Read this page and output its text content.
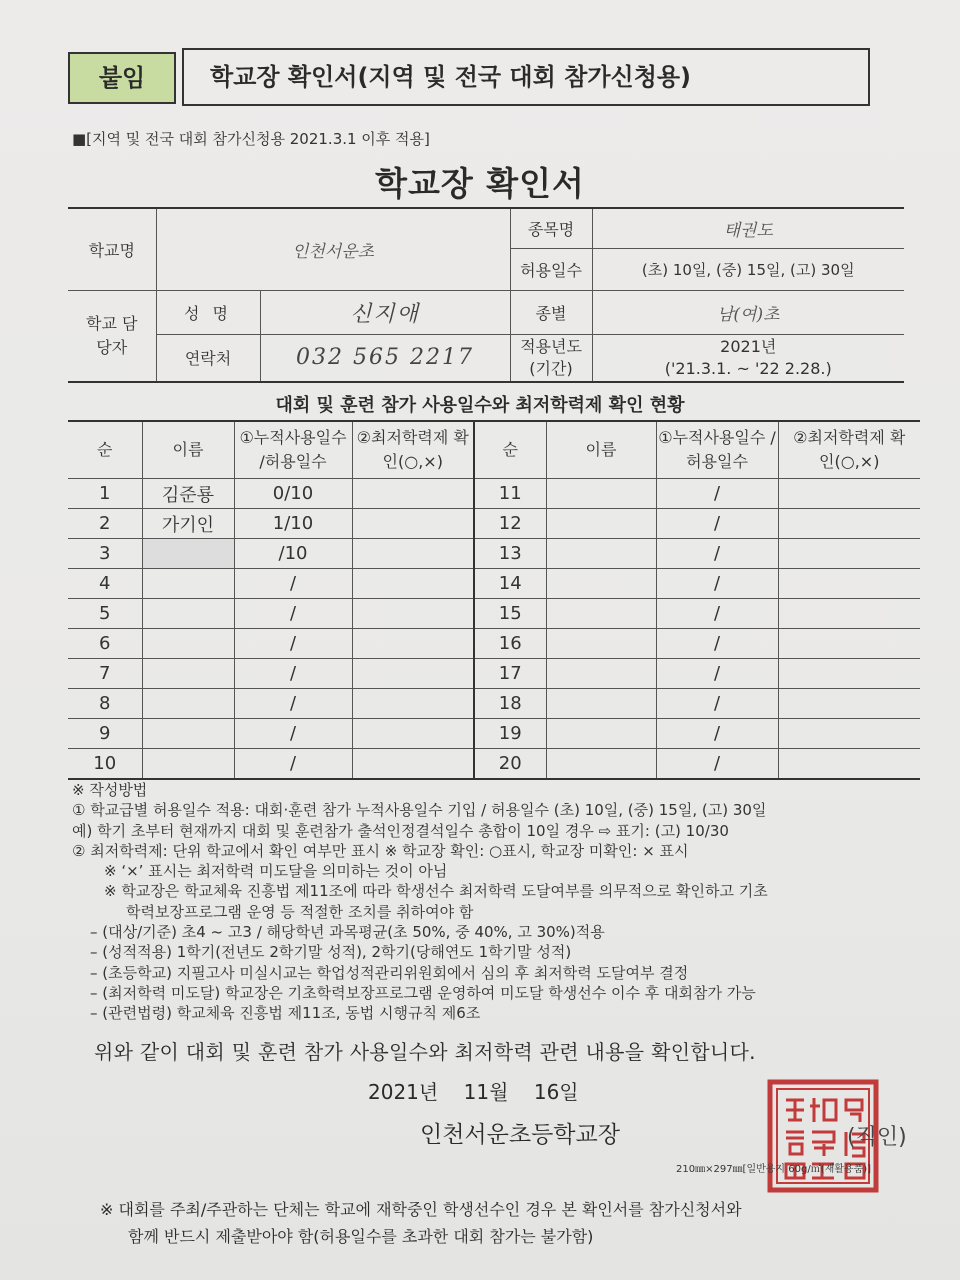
붙임	학교장 확인서(지역 및 전국 대회 참가신청용)
■[지역 및 전국 대회 참가신청용 2021.3.1 이후 적용]
학교장 확인서
학교명	인천서운초		종목명	태권도
			허용일수	(초) 10일, (중) 15일, (고) 30일
학교 담당자	성 명	신지애	종별	남(여)초
	연락처	032 565 2217	적용년도 (기간)	2021년
('21.3.1. ~ '22 2.28.)
대회 및 훈련 참가 사용일수와 최저학력제 확인 현황
순	이름	①누적사용일수 /허용일수	②최저학력제 확인(○,×)	순	이름	①누적사용일수 /허용일수	②최저학력제 확인(○,×)
1	김준룡	0/10		11		/	
2	가기인	1/10		12		/	
3		/10		13		/	
4		/		14		/	
5		/		15		/	
6		/		16		/	
7		/		17		/	
8		/		18		/	
9		/		19		/	
10		/		20		/	
※ 작성방법
① 학교급별 허용일수 적용: 대회·훈련 참가 누적사용일수 기입 / 허용일수 (초) 10일, (중) 15일, (고) 30일
예) 학기 초부터 현재까지 대회 및 훈련참가 출석인정결석일수 총합이 10일 경우 ⇨ 표기: (고) 10/30
② 최저학력제: 단위 학교에서 확인 여부만 표시 ※ 학교장 확인: ○표시, 학교장 미확인: × 표시
※ ‘×’ 표시는 최저학력 미도달을 의미하는 것이 아님
※ 학교장은 학교체육 진흥법 제11조에 따라 학생선수 최저학력 도달여부를 의무적으로 확인하고 기초
학력보장프로그램 운영 등 적절한 조치를 취하여야 함
– (대상/기준) 초4 ~ 고3 / 해당학년 과목평균(초 50%, 중 40%, 고 30%)적용
– (성적적용) 1학기(전년도 2학기말 성적), 2학기(당해연도 1학기말 성적)
– (초등학교) 지필고사 미실시교는 학업성적관리위원회에서 심의 후 최저학력 도달여부 결정
– (최저학력 미도달) 학교장은 기초학력보장프로그램 운영하여 미도달 학생선수 이수 후 대회참가 가능
– (관련법령) 학교체육 진흥법 제11조, 동법 시행규칙 제6조
위와 같이 대회 및 훈련 참가 사용일수와 최저학력 관련 내용을 확인합니다.
2021년    11월    16일
인천서운초등학교장	(직인)
210㎜×297㎜[일반용지 60g/㎡(재활용품)]
※ 대회를 주최/주관하는 단체는 학교에 재학중인 학생선수인 경우 본 확인서를 참가신청서와
함께 반드시 제출받아야 함(허용일수를 초과한 대회 참가는 불가함)
